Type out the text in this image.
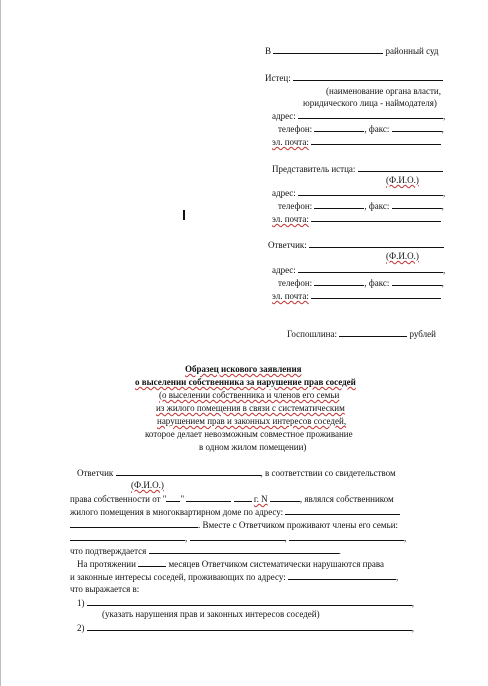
В	районный суд
Истец:
(наименование органа власти,
юридического лица - наймодателя)
адрес:	,
телефон:	, факс:	,
эл. почта:
Представитель истца:
(Ф.И.О.)
адрес:	,
телефон:	, факс:	,
эл. почта:
Ответчик:
(Ф.И.О.)
адрес:	,
телефон:	, факс:	,
эл. почта:
Госпошлина:	рублей
Образец искового заявления
о выселении собственника за нарушение прав соседей
(о выселении собственника и членов его семьи
из жилого помещения в связи с систематическим
нарушением прав и законных интересов соседей,
которое делает невозможным совместное проживание
в одном жилом помещении)
Ответчик	, в соответствии со свидетельством
(Ф.И.О.)
права собственности от " "	г. N	, являлся собственником
жилого помещения в многоквартирном доме по адресу:
. Вместе с Ответчиком проживают члены его семьи:
,	,	,
что подтверждается	.
На протяжении	месяцев Ответчиком систематически нарушаются права
и законные интересы соседей, проживающих по адресу:	,
что выражается в:
1)	,
(указать нарушения прав и законных интересов соседей)
2)	,
